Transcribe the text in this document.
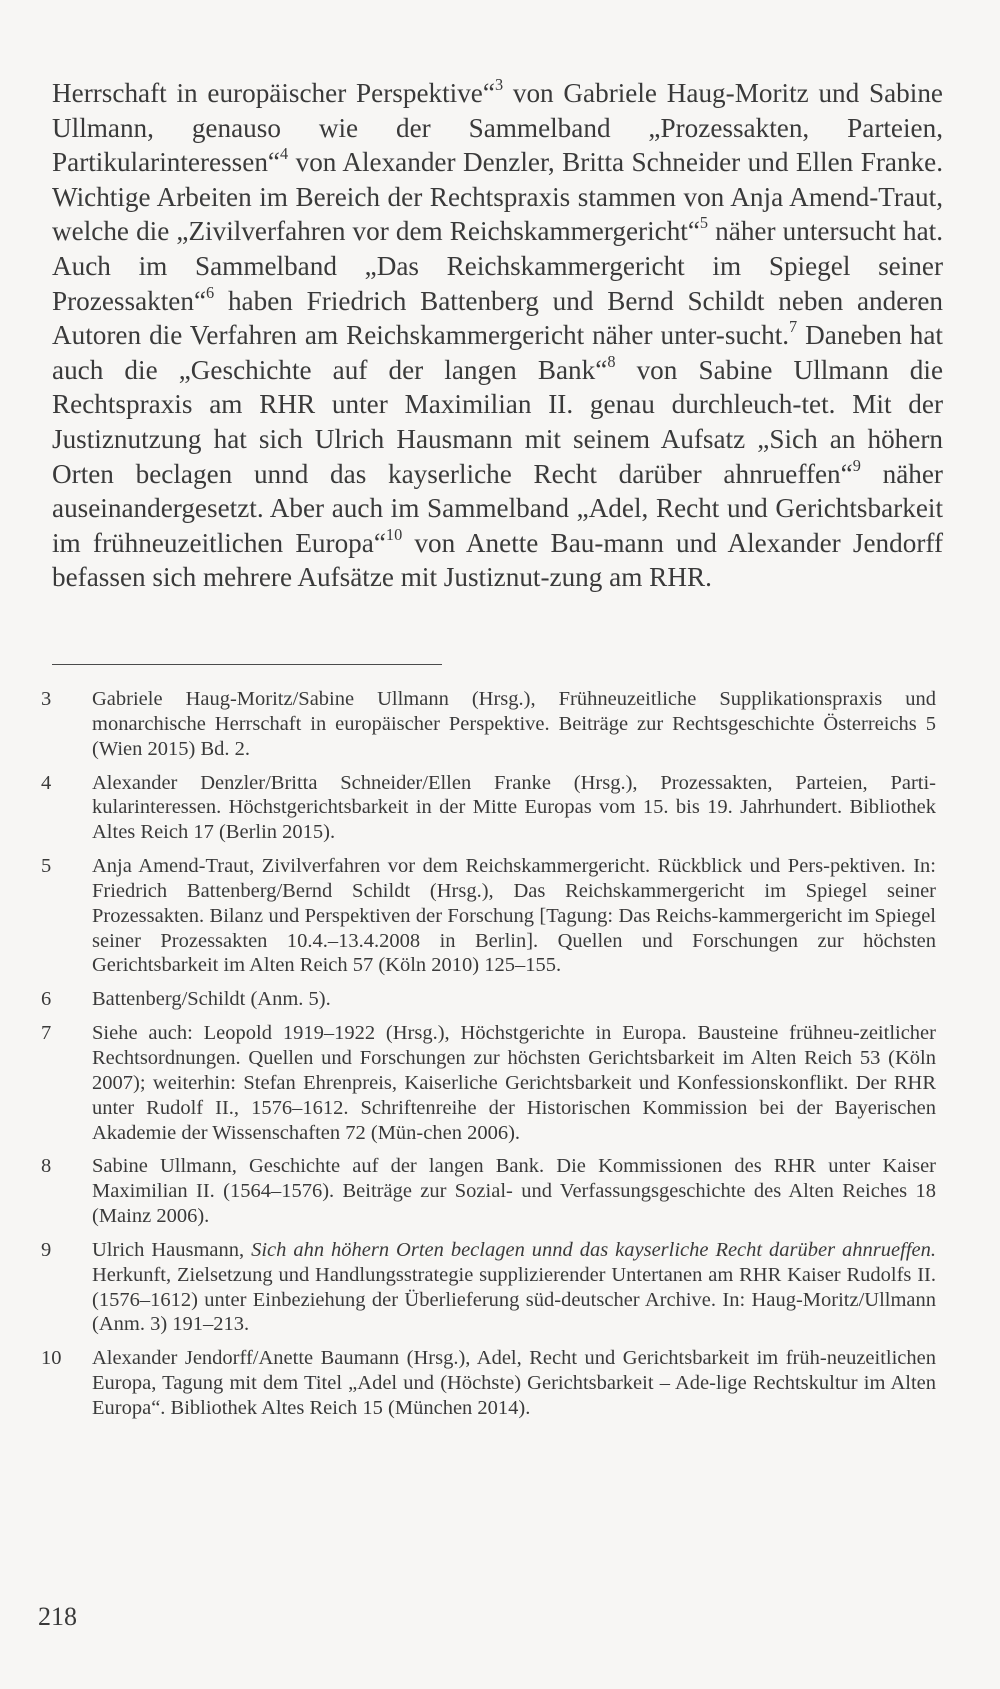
Herrschaft in europäischer Perspektive“$^3$ von Gabriele Haug-Moritz und Sabine Ullmann, genauso wie der Sammelband „Prozessakten, Parteien, Partikularinteressen“$^4$ von Alexander Denzler, Britta Schneider und Ellen Franke. Wichtige Arbeiten im Bereich der Rechtspraxis stammen von Anja Amend-Traut, welche die „Zivilverfahren vor dem Reichskammergericht“$^5$ näher untersucht hat. Auch im Sammelband „Das Reichskammergericht im Spiegel seiner Prozessakten“$^6$ haben Friedrich Battenberg und Bernd Schildt neben anderen Autoren die Verfahren am Reichskammergericht näher unter-sucht.$^7$ Daneben hat auch die „Geschichte auf der langen Bank“$^8$ von Sabine Ullmann die Rechtspraxis am RHR unter Maximilian II. genau durchleuch-tet. Mit der Justiznutzung hat sich Ulrich Hausmann mit seinem Aufsatz „Sich an höhern Orten beclagen unnd das kayserliche Recht darüber ahnrueffen“$^9$ näher auseinandergesetzt. Aber auch im Sammelband „Adel, Recht und Gerichtsbarkeit im frühneuzeitlichen Europa“$^{10}$ von Anette Bau-mann und Alexander Jendorff befassen sich mehrere Aufsätze mit Justiznut-zung am RHR.

3	Gabriele Haug-Moritz/Sabine Ullmann (Hrsg.), Frühneuzeitliche Supplikationspraxis und monarchische Herrschaft in europäischer Perspektive. Beiträge zur Rechtsgeschichte Österreichs 5 (Wien 2015) Bd. 2.
4	Alexander Denzler/Britta Schneider/Ellen Franke (Hrsg.), Prozessakten, Parteien, Parti-kularinteressen. Höchstgerichtsbarkeit in der Mitte Europas vom 15. bis 19. Jahrhundert. Bibliothek Altes Reich 17 (Berlin 2015).
5	Anja Amend-Traut, Zivilverfahren vor dem Reichskammergericht. Rückblick und Pers-pektiven. In: Friedrich Battenberg/Bernd Schildt (Hrsg.), Das Reichskammergericht im Spiegel seiner Prozessakten. Bilanz und Perspektiven der Forschung [Tagung: Das Reichs-kammergericht im Spiegel seiner Prozessakten 10.4.–13.4.2008 in Berlin]. Quellen und Forschungen zur höchsten Gerichtsbarkeit im Alten Reich 57 (Köln 2010) 125–155.
6	Battenberg/Schildt (Anm. 5).
7	Siehe auch: Leopold 1919–1922 (Hrsg.), Höchstgerichte in Europa. Bausteine frühneu-zeitlicher Rechtsordnungen. Quellen und Forschungen zur höchsten Gerichtsbarkeit im Alten Reich 53 (Köln 2007); weiterhin: Stefan Ehrenpreis, Kaiserliche Gerichtsbarkeit und Konfessionskonflikt. Der RHR unter Rudolf II., 1576–1612. Schriftenreihe der Historischen Kommission bei der Bayerischen Akademie der Wissenschaften 72 (Mün-chen 2006).
8	Sabine Ullmann, Geschichte auf der langen Bank. Die Kommissionen des RHR unter Kaiser Maximilian II. (1564–1576). Beiträge zur Sozial- und Verfassungsgeschichte des Alten Reiches 18 (Mainz 2006).
9	Ulrich Hausmann, Sich ahn höhern Orten beclagen unnd das kayserliche Recht darüber ahnrueffen. Herkunft, Zielsetzung und Handlungsstrategie supplizierender Untertanen am RHR Kaiser Rudolfs II. (1576–1612) unter Einbeziehung der Überlieferung süd-deutscher Archive. In: Haug-Moritz/Ullmann (Anm. 3) 191–213.
10	Alexander Jendorff/Anette Baumann (Hrsg.), Adel, Recht und Gerichtsbarkeit im früh-neuzeitlichen Europa, Tagung mit dem Titel „Adel und (Höchste) Gerichtsbarkeit – Ade-lige Rechtskultur im Alten Europa“. Bibliothek Altes Reich 15 (München 2014).
218
